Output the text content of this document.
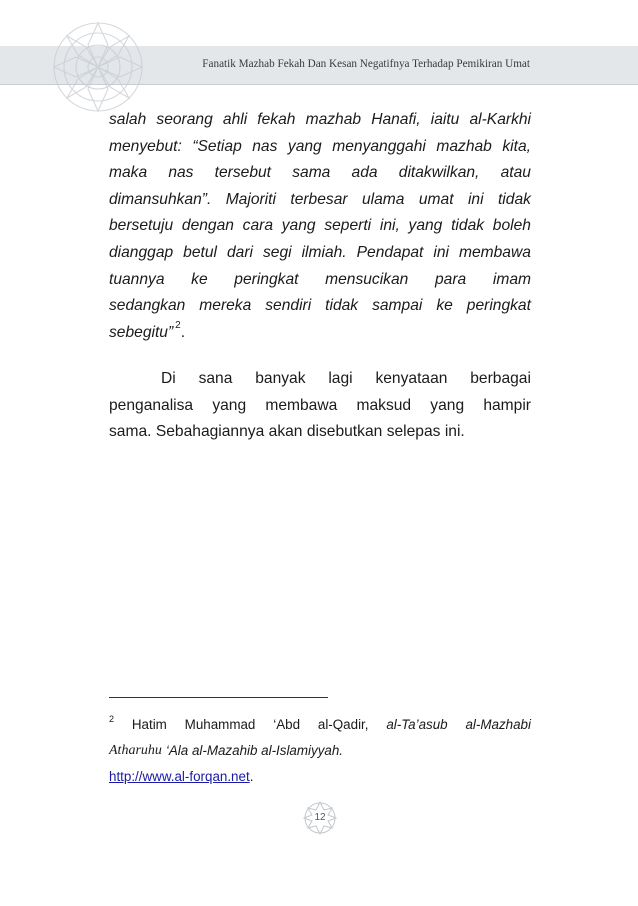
Fanatik Mazhab Fekah Dan Kesan Negatifnya Terhadap Pemikiran Umat
salah seorang ahli fekah mazhab Hanafi, iaitu al-Karkhi
menyebut: “Setiap nas yang menyanggahi mazhab kita,
maka nas tersebut sama ada ditakwilkan, atau
dimansuhkan”. Majoriti terbesar ulama umat ini tidak
bersetuju dengan cara yang seperti ini, yang tidak boleh
dianggap betul dari segi ilmiah. Pendapat ini membawa
tuannya ke peringkat mensucikan para imam
sedangkan mereka sendiri tidak sampai ke peringkat
sebegitu” 2 .
Di sana banyak lagi kenyataan berbagai
penganalisa yang membawa maksud yang hampir
sama. Sebahagiannya akan disebutkan selepas ini.
2 Hatim Muhammad ‘Abd al-Qadir, al-Ta’asub al-Mazhabi
Atharuhu ‘Ala al-Mazahib al-Islamiyyah.
http://www.al-forqan.net .
12
